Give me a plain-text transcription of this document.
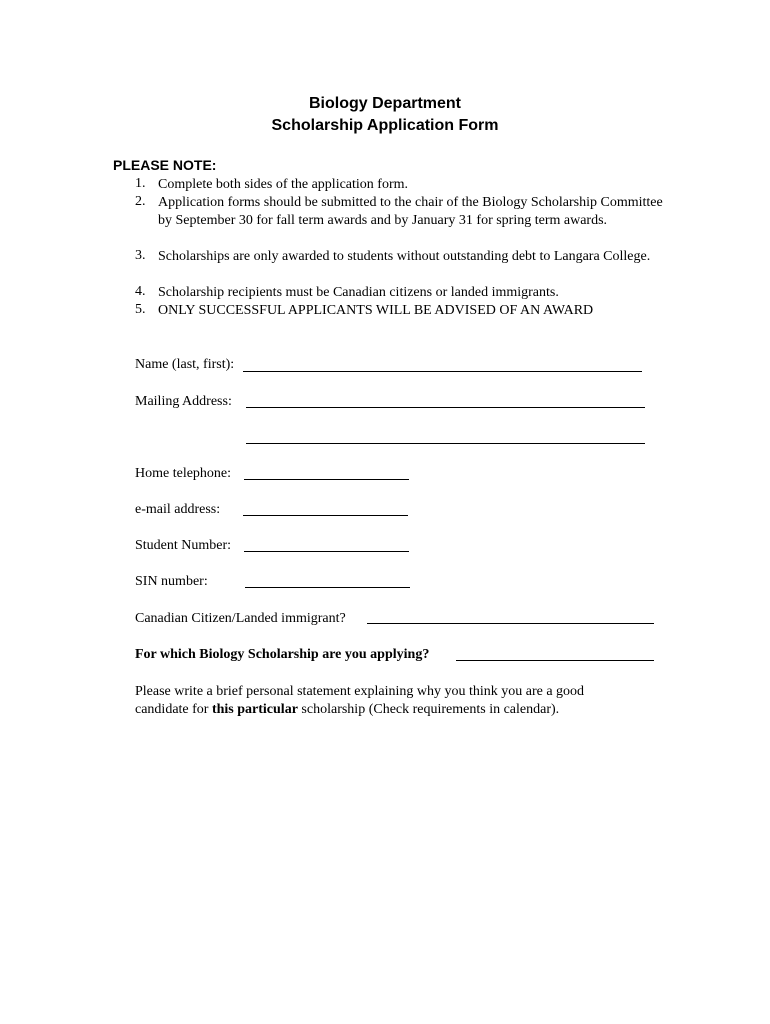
Biology Department
Scholarship Application Form
PLEASE NOTE:
1. Complete both sides of the application form.
2. Application forms should be submitted to the chair of the Biology Scholarship Committee by September 30 for fall term awards and by January 31 for spring term awards.
3. Scholarships are only awarded to students without outstanding debt to Langara College.
4. Scholarship recipients must be Canadian citizens or landed immigrants.
5. ONLY SUCCESSFUL APPLICANTS WILL BE ADVISED OF AN AWARD
Name (last, first):
Mailing Address:
Home telephone:
e-mail address:
Student Number:
SIN number:
Canadian Citizen/Landed immigrant?
For which Biology Scholarship are you applying?
Please write a brief personal statement explaining why you think you are a good candidate for this particular scholarship (Check requirements in calendar).
